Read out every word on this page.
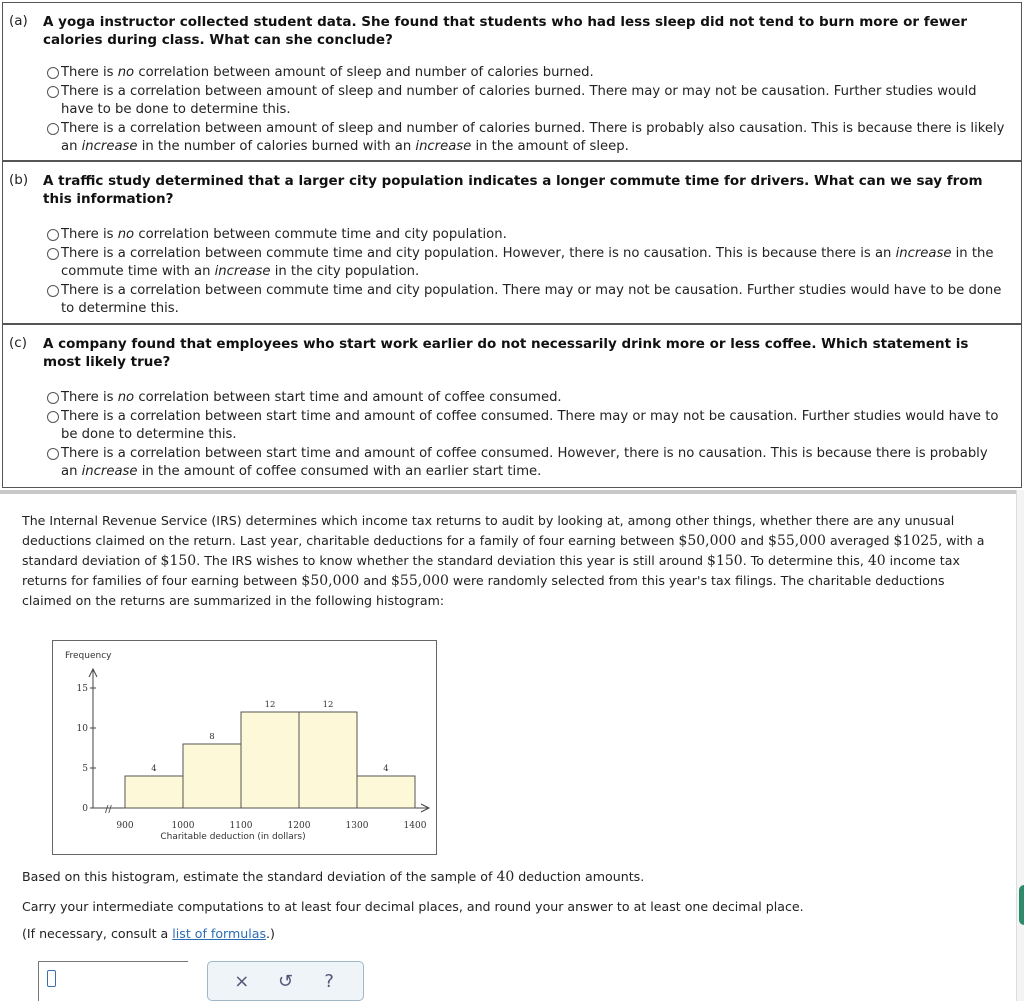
(a)	A yoga instructor collected student data. She found that students who had less sleep did not tend to burn more or fewer calories during class. What can she conclude?
There is no correlation between amount of sleep and number of calories burned.
There is a correlation between amount of sleep and number of calories burned. There may or may not be causation. Further studies would have to be done to determine this.
There is a correlation between amount of sleep and number of calories burned. There is probably also causation. This is because there is likely an increase in the number of calories burned with an increase in the amount of sleep.
(b)	A traffic study determined that a larger city population indicates a longer commute time for drivers. What can we say from this information?
There is no correlation between commute time and city population.
There is a correlation between commute time and city population. However, there is no causation. This is because there is an increase in the commute time with an increase in the city population.
There is a correlation between commute time and city population. There may or may not be causation. Further studies would have to be done to determine this.
(c)	A company found that employees who start work earlier do not necessarily drink more or less coffee. Which statement is most likely true?
There is no correlation between start time and amount of coffee consumed.
There is a correlation between start time and amount of coffee consumed. There may or may not be causation. Further studies would have to be done to determine this.
There is a correlation between start time and amount of coffee consumed. However, there is no causation. This is because there is probably an increase in the amount of coffee consumed with an earlier start time.
The Internal Revenue Service (IRS) determines which income tax returns to audit by looking at, among other things, whether there are any unusual deductions claimed on the return. Last year, charitable deductions for a family of four earning between $50,000 and $55,000 averaged $1025, with a standard deviation of $150. The IRS wishes to know whether the standard deviation this year is still around $150. To determine this, 40 income tax returns for families of four earning between $50,000 and $55,000 were randomly selected from this year's tax filings. The charitable deductions claimed on the returns are summarized in the following histogram:
Frequency
0
5
10
15
//
4
8
12	12
4
900	1000	1100	1200	1300	1400
Charitable deduction (in dollars)
Based on this histogram, estimate the standard deviation of the sample of 40 deduction amounts.
Carry your intermediate computations to at least four decimal places, and round your answer to at least one decimal place.
(If necessary, consult a list of formulas.)
×	↺	?
